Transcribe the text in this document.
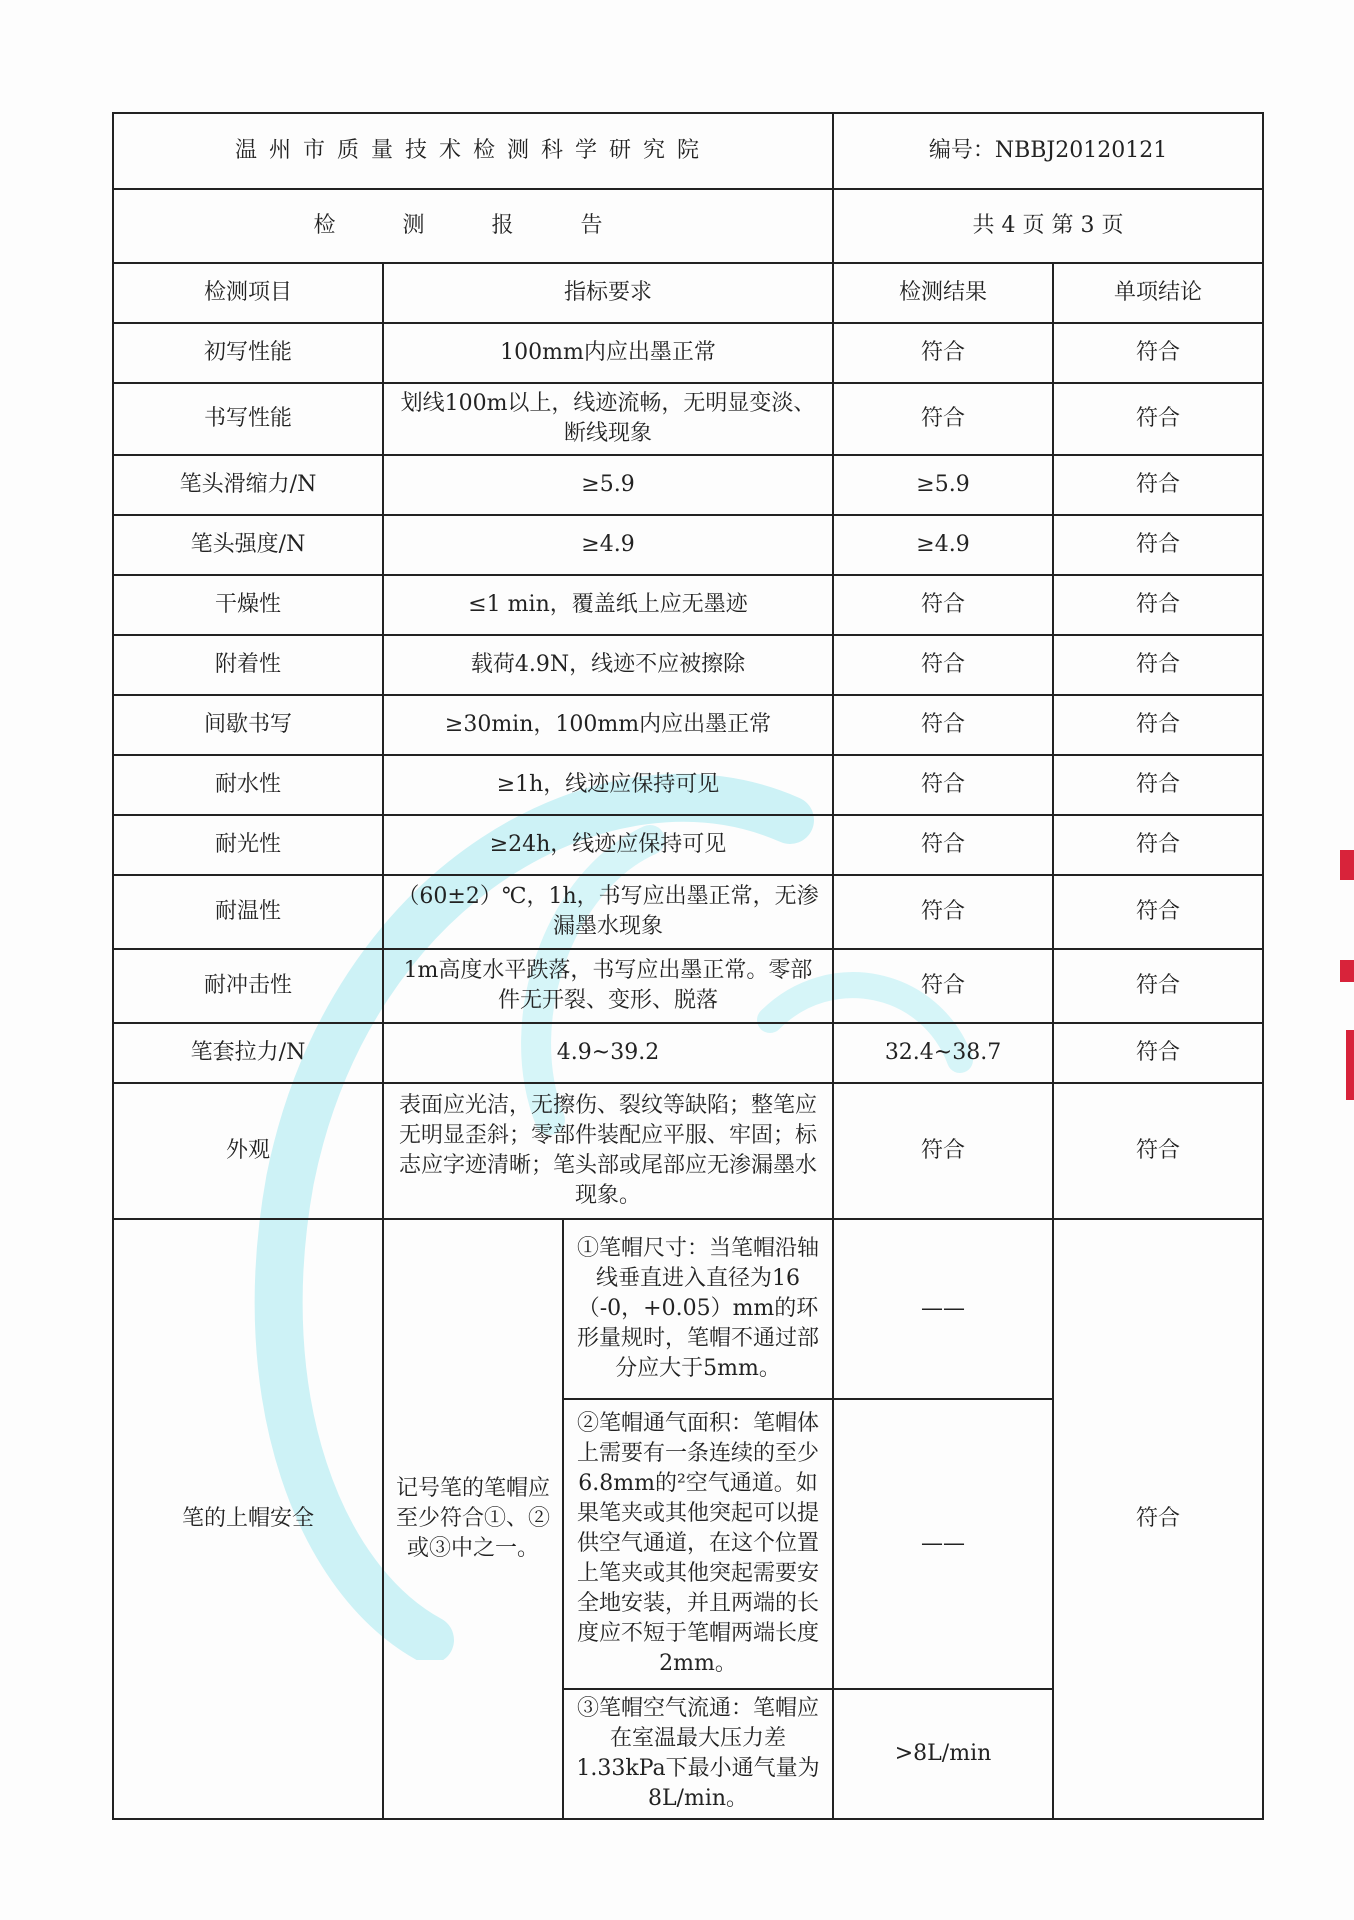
温州市质量技术检测科学研究院			编号：NBBJ20120121	
检 测 报 告			共 4 页 第 3 页	
检测项目	指标要求		检测结果	单项结论
初写性能	100mm内应出墨正常		符合	符合
书写性能	划线100m以上，线迹流畅，无明显变淡、断线现象		符合	符合
笔头滑缩力/N	≥5.9		≥5.9	符合
笔头强度/N	≥4.9		≥4.9	符合
干燥性	≤1 min，覆盖纸上应无墨迹		符合	符合
附着性	载荷4.9N，线迹不应被擦除		符合	符合
间歇书写	≥30min，100mm内应出墨正常		符合	符合
耐水性	≥1h，线迹应保持可见		符合	符合
耐光性	≥24h，线迹应保持可见		符合	符合
耐温性	（60±2）℃，1h，书写应出墨正常，无渗漏墨水现象		符合	符合
耐冲击性	1m高度水平跌落，书写应出墨正常。零部件无开裂、变形、脱落		符合	符合
笔套拉力/N	4.9~39.2		32.4~38.7	符合
外观	表面应光洁，无擦伤、裂纹等缺陷；整笔应无明显歪斜；零部件装配应平服、牢固；标志应字迹清晰；笔头部或尾部应无渗漏墨水现象。		符合	符合
笔的上帽安全	记号笔的笔帽应至少符合①、②或③中之一。	①笔帽尺寸：当笔帽沿轴线垂直进入直径为16（-0，+0.05）mm的环形量规时，笔帽不通过部分应大于5mm。	——	符合
		②笔帽通气面积：笔帽体上需要有一条连续的至少6.8mm的²空气通道。如果笔夹或其他突起可以提供空气通道，在这个位置上笔夹或其他突起需要安全地安装，并且两端的长度应不短于笔帽两端长度2mm。	——	
		③笔帽空气流通：笔帽应在室温最大压力差1.33kPa下最小通气量为8L/min。	>8L/min	
